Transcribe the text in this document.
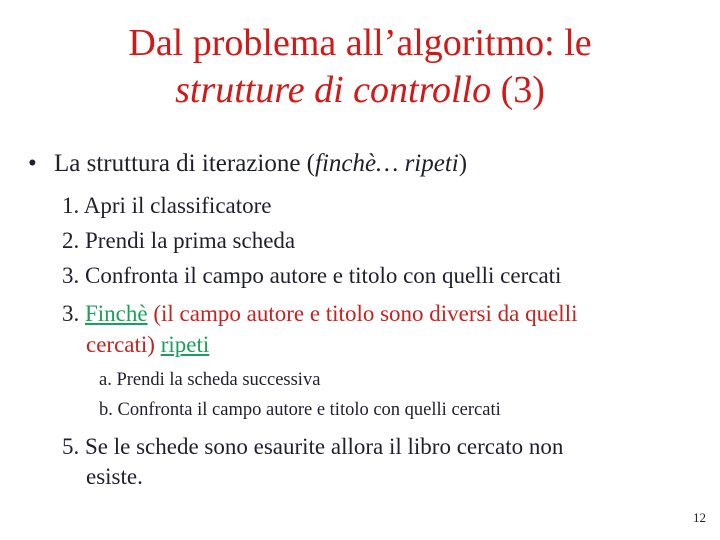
Dal problema all’algoritmo: le
strutture di controllo (3)
• La struttura di iterazione (finchè… ripeti)
1. Apri il classificatore
2. Prendi la prima scheda
3. Confronta il campo autore e titolo con quelli cercati
3. Finchè (il campo autore e titolo sono diversi da quelli
cercati) ripeti
a. Prendi la scheda successiva
b. Confronta il campo autore e titolo con quelli cercati
5. Se le schede sono esaurite allora il libro cercato non
esiste.
12
